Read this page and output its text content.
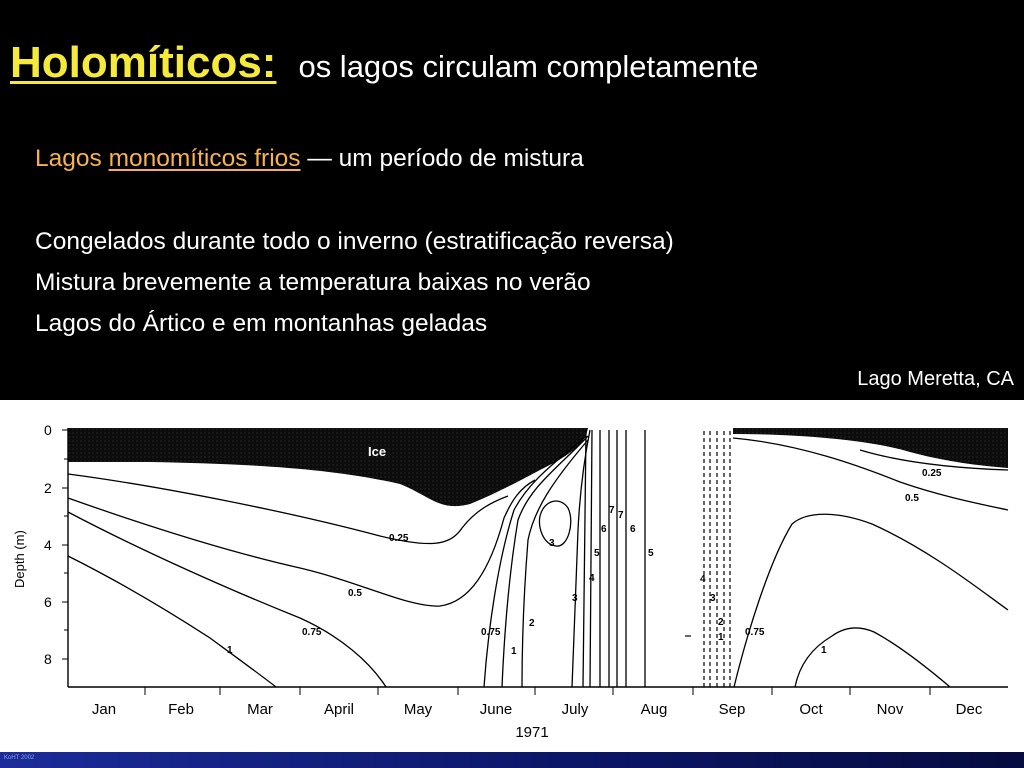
Holomíticos: os lagos circulam completamente
Lagos monomíticos frios — um período de mistura
Congelados durante todo o inverno (estratificação reversa)
Mistura brevemente a temperatura baixas no verão
Lagos do Ártico e em montanhas geladas
Lago Meretta, CA
Ice
0
2
4
6
8
Depth (m)
Jan	Feb	Mar	April	May	June	July	Aug	Sep	Oct	Nov	Dec
1971
0.25
0.5
0.75
1
0.75
1
2
3
3
4
5
6
7 7
6
5
4
3
2
1 0.75
0.25
0.5
1
KoHT 2002
